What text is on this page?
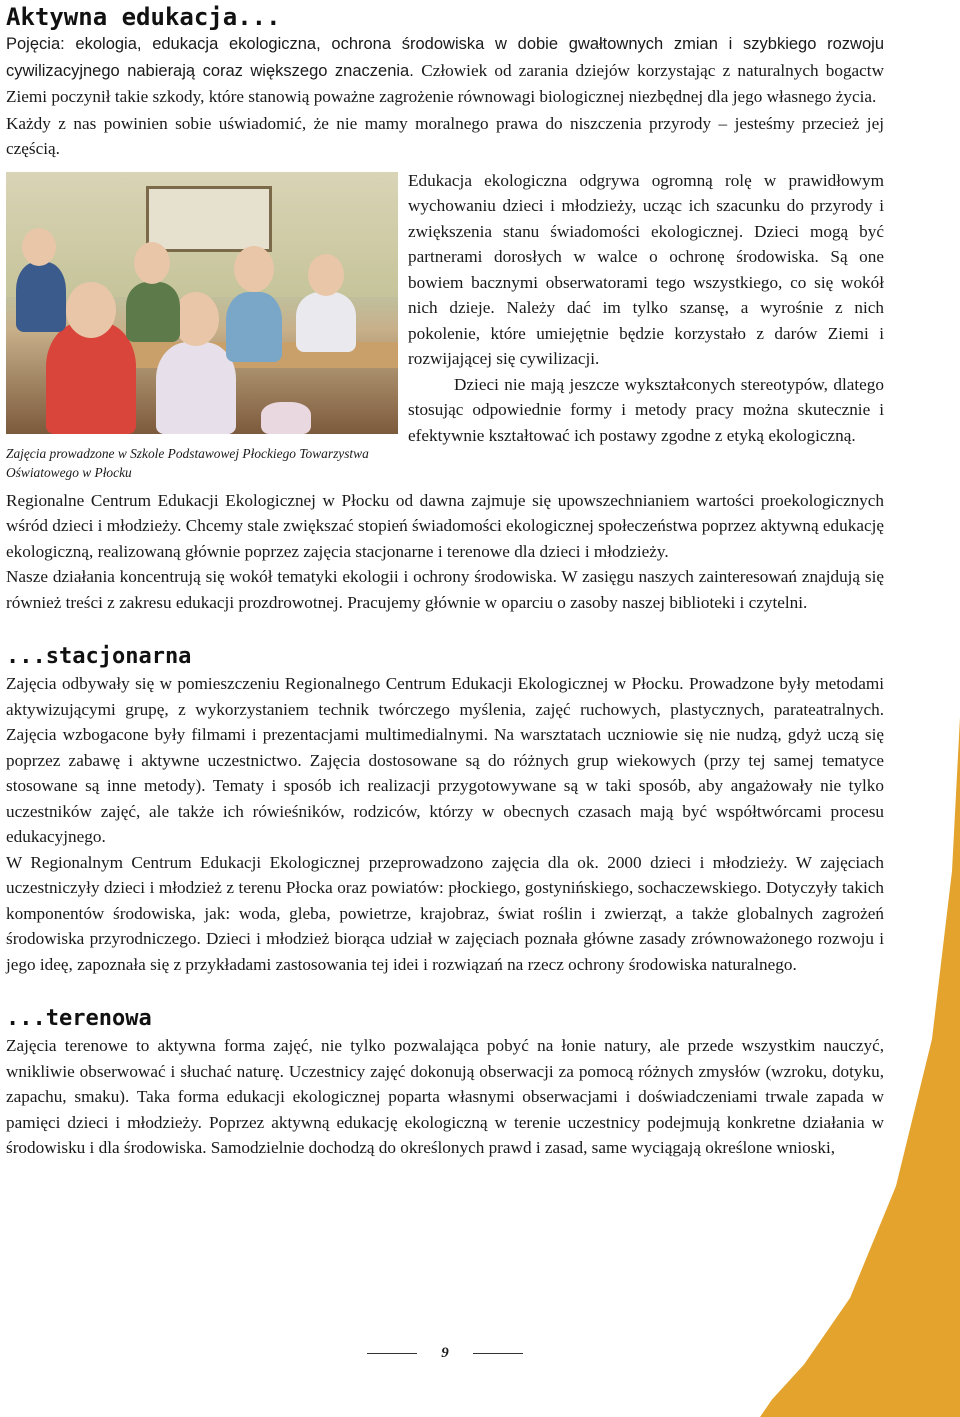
Aktywna edukacja...

Pojęcia: ekologia, edukacja ekologiczna, ochrona środowiska w dobie gwałtownych zmian i szybkiego rozwoju cywilizacyjnego nabierają coraz większego znaczenia. Człowiek od zarania dziejów korzystając z naturalnych bogactw Ziemi poczynił takie szkody, które stanowią poważne zagrożenie równowagi biologicznej niezbędnej dla jego własnego życia.

Każdy z nas powinien sobie uświadomić, że nie mamy moralnego prawa do niszczenia przyrody – jesteśmy przecież jej częścią.

Zajęcia prowadzone w Szkole Podstawowej Płockiego Towarzystwa Oświatowego w Płocku

Edukacja ekologiczna odgrywa ogromną rolę w prawidłowym wychowaniu dzieci i młodzieży, ucząc ich szacunku do przyrody i zwiększenia stanu świadomości ekologicznej. Dzieci mogą być partnerami dorosłych w walce o ochronę środowiska. Są one bowiem bacznymi obserwatorami tego wszystkiego, co się wokół nich dzieje. Należy dać im tylko szansę, a wyrośnie z nich pokolenie, które umiejętnie będzie korzystało z darów Ziemi i rozwijającej się cywilizacji.

Dzieci nie mają jeszcze wykształconych stereotypów, dlatego stosując odpowiednie formy i metody pracy można skutecznie i efektywnie kształtować ich postawy zgodne z etyką ekologiczną.

Regionalne Centrum Edukacji Ekologicznej w Płocku od dawna zajmuje się upowszechnianiem wartości proekologicznych wśród dzieci i młodzieży. Chcemy stale zwiększać stopień świadomości ekologicznej społeczeństwa poprzez aktywną edukację ekologiczną, realizowaną głównie poprzez zajęcia stacjonarne i terenowe dla dzieci i młodzieży.

Nasze działania koncentrują się wokół tematyki ekologii i ochrony środowiska. W zasięgu naszych zainteresowań znajdują się również treści z zakresu edukacji prozdrowotnej. Pracujemy głównie w oparciu o zasoby naszej biblioteki i czytelni.

...stacjonarna

Zajęcia odbywały się w pomieszczeniu Regionalnego Centrum Edukacji Ekologicznej w Płocku. Prowadzone były metodami aktywizującymi grupę, z wykorzystaniem technik twórczego myślenia, zajęć ruchowych, plastycznych, parateatralnych. Zajęcia wzbogacone były filmami i prezentacjami multimedialnymi. Na warsztatach uczniowie się nie nudzą, gdyż uczą się poprzez zabawę i aktywne uczestnictwo. Zajęcia dostosowane są do różnych grup wiekowych (przy tej samej tematyce stosowane są inne metody). Tematy i sposób ich realizacji przygotowywane są w taki sposób, aby angażowały nie tylko uczestników zajęć, ale także ich rówieśników, rodziców, którzy w obecnych czasach mają być współtwórcami procesu edukacyjnego.

W Regionalnym Centrum Edukacji Ekologicznej przeprowadzono zajęcia dla ok. 2000 dzieci i młodzieży. W zajęciach uczestniczyły dzieci i młodzież z terenu Płocka oraz powiatów: płockiego, gostynińskiego, sochaczewskiego. Dotyczyły takich komponentów środowiska, jak: woda, gleba, powietrze, krajobraz, świat roślin i zwierząt, a także globalnych zagrożeń środowiska przyrodniczego. Dzieci i młodzież biorąca udział w zajęciach poznała główne zasady zrównoważonego rozwoju i jego ideę, zapoznała się z przykładami zastosowania tej idei i rozwiązań na rzecz ochrony środowiska naturalnego.

...terenowa

Zajęcia terenowe to aktywna forma zajęć, nie tylko pozwalająca pobyć na łonie natury, ale przede wszystkim nauczyć, wnikliwie obserwować i słuchać naturę. Uczestnicy zajęć dokonują obserwacji za pomocą różnych zmysłów (wzroku, dotyku, zapachu, smaku). Taka forma edukacji ekologicznej poparta własnymi obserwacjami i doświadczeniami trwale zapada w pamięci dzieci i młodzieży. Poprzez aktywną edukację ekologiczną w terenie uczestnicy podejmują konkretne działania w środowisku i dla środowiska. Samodzielnie dochodzą do określonych prawd i zasad, same wyciągają określone wnioski,

9
